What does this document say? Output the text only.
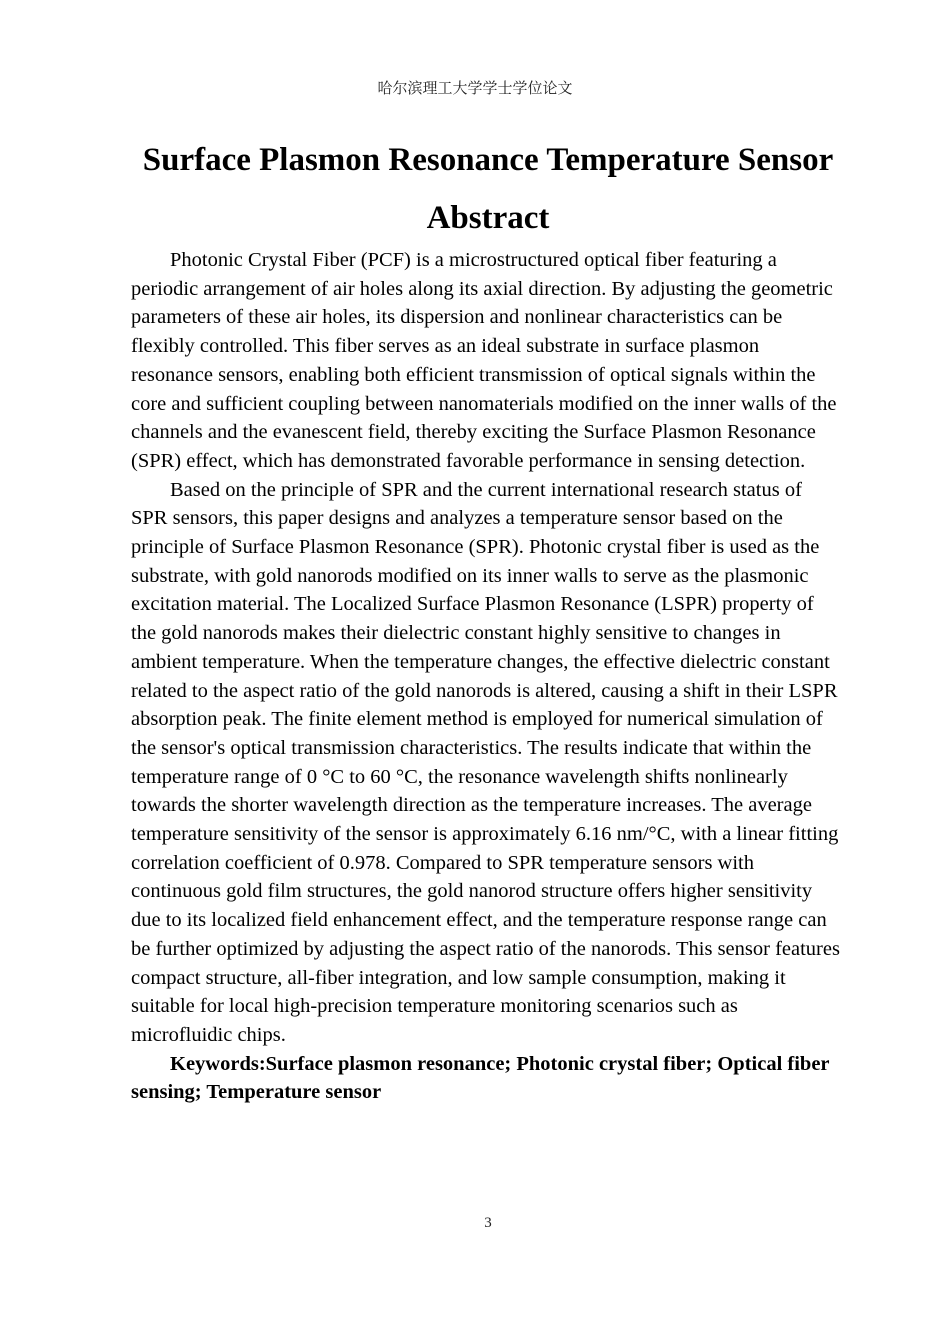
哈尔滨理工大学学士学位论文
Surface Plasmon Resonance Temperature Sensor
Abstract

Photonic Crystal Fiber (PCF) is a microstructured optical fiber featuring a periodic arrangement of air holes along its axial direction. By adjusting the geometric parameters of these air holes, its dispersion and nonlinear characteristics can be flexibly controlled. This fiber serves as an ideal substrate in surface plasmon resonance sensors, enabling both efficient transmission of optical signals within the core and sufficient coupling between nanomaterials modified on the inner walls of the channels and the evanescent field, thereby exciting the Surface Plasmon Resonance (SPR) effect, which has demonstrated favorable performance in sensing detection.

Based on the principle of SPR and the current international research status of SPR sensors, this paper designs and analyzes a temperature sensor based on the principle of Surface Plasmon Resonance (SPR). Photonic crystal fiber is used as the substrate, with gold nanorods modified on its inner walls to serve as the plasmonic excitation material. The Localized Surface Plasmon Resonance (LSPR) property of the gold nanorods makes their dielectric constant highly sensitive to changes in ambient temperature. When the temperature changes, the effective dielectric constant related to the aspect ratio of the gold nanorods is altered, causing a shift in their LSPR absorption peak. The finite element method is employed for numerical simulation of the sensor's optical transmission characteristics. The results indicate that within the temperature range of 0 °C to 60 °C, the resonance wavelength shifts nonlinearly towards the shorter wavelength direction as the temperature increases. The average temperature sensitivity of the sensor is approximately 6.16 nm/°C, with a linear fitting correlation coefficient of 0.978. Compared to SPR temperature sensors with continuous gold film structures, the gold nanorod structure offers higher sensitivity due to its localized field enhancement effect, and the temperature response range can be further optimized by adjusting the aspect ratio of the nanorods. This sensor features compact structure, all-fiber integration, and low sample consumption, making it suitable for local high-precision temperature monitoring scenarios such as microfluidic chips.

Keywords:Surface plasmon resonance; Photonic crystal fiber; Optical fiber sensing; Temperature sensor

3
